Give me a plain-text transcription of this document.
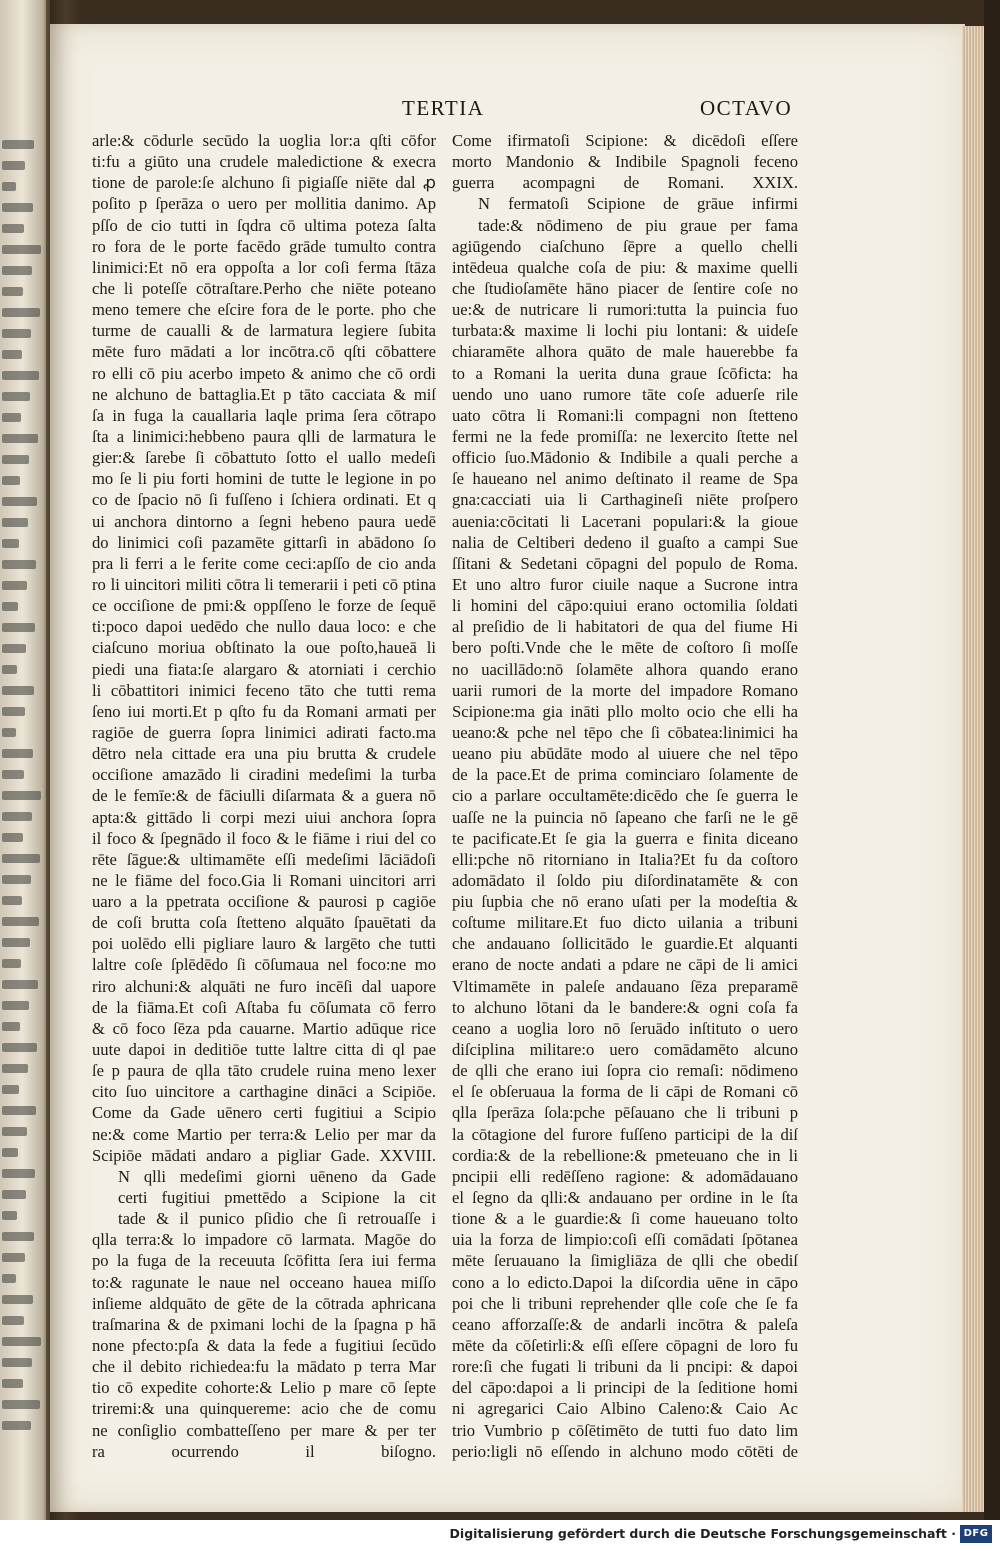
TERTIA	OCTAVO
arle:& cōdurle secūdo la uoglia lor:a qſti cōfor
ti:fu a giūto una crudele maledictione & execra
tione de parole:ſe alchuno ſi pigiaſſe niēte dal ꝓ
poſito p ſperāza o uero per mollitia danimo. Ap
pſſo de cio tutti in ſqdra cō ultima poteza ſalta
ro fora de le porte facēdo grāde tumulto contra
linimici:Et nō era oppoſta a lor coſi ferma ſtāza
che li poteſſe cōtraſtare.Perho che niēte poteano
meno temere che eſcire fora de le porte. pho che
turme de caualli & de larmatura legiere ſubita
mēte furo mādati a lor incōtra.cō qſti cōbattere
ro elli cō piu acerbo impeto & animo che cō ordi
ne alchuno de battaglia.Et p tāto cacciata & miſ
ſa in fuga la cauallaria laqle prima ſera cōtrapo
ſta a linimici:hebbeno paura qlli de larmatura le
gier:& ſarebe ſi cōbattuto ſotto el uallo medeſi
mo ſe li piu forti homini de tutte le legione in po
co de ſpacio nō ſi fuſſeno i ſchiera ordinati. Et q
ui anchora dintorno a ſegni hebeno paura uedē
do linimici coſi pazamēte gittarſi in abādono ſo
pra li ferri a le ferite come ceci:apſſo de cio anda
ro li uincitori militi cōtra li temerarii i peti cō ptina
ce occiſione de pmi:& oppſſeno le forze de ſequē
ti:poco dapoi uedēdo che nullo daua loco: e che
ciaſcuno moriua obſtinato la oue poſto,haueā li
piedi una fiata:ſe alargaro & atorniati i cerchio
li cōbattitori inimici feceno tāto che tutti rema
ſeno iui morti.Et p qſto fu da Romani armati per
ragiōe de guerra ſopra linimici adirati facto.ma
dētro nela cittade era una piu brutta & crudele
occiſione amazādo li ciradini medeſimi la turba
de le femīe:& de fāciulli diſarmata & a guera nō
apta:& gittādo li corpi mezi uiui anchora ſopra
il foco & ſpegnādo il foco & le fiāme i riui del co
rēte ſāgue:& ultimamēte eſſi medeſimi lāciādoſi
ne le fiāme del foco.Gia li Romani uincitori arri
uaro a la ppetrata occiſione & paurosi p cagiōe
de coſi brutta coſa ſtetteno alquāto ſpauētati da
poi uolēdo elli pigliare lauro & largēto che tutti
laltre coſe ſplēdēdo ſi cōſumaua nel foco:ne mo
riro alchuni:& alquāti ne furo incēſi dal uapore
de la fiāma.Et coſi Aſtaba fu cōſumata cō ferro
& cō foco ſēza pda cauarne. Martio adūque rice
uute dapoi in deditiōe tutte laltre citta di ql pae
ſe p paura de qlla tāto crudele ruina meno lexer
cito ſuo uincitore a carthagine dināci a Scipiōe.
Come da Gade uēnero certi fugitiui a Scipio
ne:& come Martio per terra:& Lelio per mar da
Scipiōe mādati andaro a pigliar Gade. XXVIII.
N qlli medeſimi giorni uēneno da Gade
certi fugitiui pmettēdo a Scipione la cit
tade & il punico pſidio che ſi retrouaſſe i
qlla terra:& lo impadore cō larmata. Magōe do
po la fuga de la receuuta ſcōfitta ſera iui ferma
to:& ragunate le naue nel occeano hauea miſſo
inſieme aldquāto de gēte de la cōtrada aphricana
traſmarina & de pximani lochi de la ſpagna p hā
none pfecto:pſa & data la fede a fugitiui ſecūdo
che il debito richiedea:fu la mādato p terra Mar
tio cō expedite cohorte:& Lelio p mare cō ſepte
triremi:& una quinquereme: acio che de comu
ne conſiglio combatteſſeno per mare & per ter
ra ocurrendo il biſogno.
Come ifirmatoſi Scipione: & dicēdoſi eſſere
morto Mandonio & Indibile Spagnoli feceno
guerra acompagni de Romani. XXIX.
N fermatoſi Scipione de grāue infirmi
tade:& nōdimeno de piu graue per fama
agiūgendo ciaſchuno ſēpre a quello chelli
intēdeua qualche coſa de piu: & maxime quelli
che ſtudioſamēte hāno piacer de ſentire coſe no
ue:& de nutricare li rumori:tutta la puincia fuo
turbata:& maxime li lochi piu lontani: & uideſe
chiaramēte alhora quāto de male hauerebbe fa
to a Romani la uerita duna graue ſcōficta: ha
uendo uno uano rumore tāte coſe aduerſe rile
uato cōtra li Romani:li compagni non ſtetteno
fermi ne la fede promiſſa: ne lexercito ſtette nel
officio ſuo.Mādonio & Indibile a quali perche a
ſe haueano nel animo deſtinato il reame de Spa
gna:cacciati uia li Carthagineſi niēte proſpero
auenia:cōcitati li Laceтani populari:& la gioue
nalia de Celtiberi dedeno il guaſto a campi Sue
ſſitani & Sedetani cōpagni del populo de Roma.
Et uno altro furor ciuile naque a Sucrone intra
li homini del cāpo:quiui erano octomilia ſoldati
al preſidio de li habitatori de qua del fiume Hi
bero poſti.Vnde che le mēte de coſtoro ſi moſſe
no uacillādo:nō ſolamēte alhora quando erano
uarii rumori de la morte del impadore Romano
Scipione:ma gia ināti pllo molto ocio che elli ha
ueano:& pche nel tēpo che ſi cōbatea:linimici ha
ueano piu abūdāte modo al uiuere che nel tēpo
de la pace.Et de prima cominciaro ſolamente de
cio a parlare occultamēte:dicēdo che ſe guerra le
uaſſe ne la puincia nō ſapeano che farſi ne le gē
te pacificate.Et ſe gia la guerra e finita diceano
elli:pche nō ritorniano in Italia?Et fu da coſtoro
adomādato il ſoldo piu diſordinatamēte & con
piu ſupbia che nō erano uſati per la modeſtia &
coſtume militare.Et fuo dicto uilania a tribuni
che andauano ſollicitādo le guardie.Et alquanti
erano de nocte andati a pdare ne cāpi de li amici
Vltimamēte in paleſe andauano ſēza preparamē
to alchuno lōtani da le bandere:& ogni coſa fa
ceano a uoglia loro nō ſeruādo inſtituto o uero
diſciplina militare:o uero comādamēto alcuno
de qlli che erano iui ſopra cio remaſi: nōdimeno
el ſe obſeruaua la forma de li cāpi de Romani cō
qlla ſperāza ſola:pche pēſauano che li tribuni p
la cōtagione del furore fuſſeno participi de la diſ
cordia:& de la rebellione:& pmeteuano che in li
pncipii elli redēſſeno ragione: & adomādauano
el ſegno da qlli:& andauano per ordine in le ſta
tione & a le guardie:& ſi come haueuano tolto
uia la forza de limpio:coſi eſſi comādati ſpōtanea
mēte ſeruauano la ſimigliāza de qlli che obediſ
cono a lo edicto.Dapoi la diſcordia uēne in cāpo
poi che li tribuni reprehender qlle coſe che ſe fa
ceano afforzaſſe:& de andarli incōtra & paleſa
mēte da cōſetirli:& eſſi eſſere cōpagni de loro fu
rore:ſi che fugati li tribuni da li pncipi: & dapoi
del cāpo:dapoi a li principi de la ſeditione homi
ni agregarici Caio Albino Caleno:& Caio Ac
trio Vumbrio p cōſētimēto de tutti fuo dato lim
perio:ligli nō eſſendo in alchuno modo cōtēti de
Digitalisierung gefördert durch die Deutsche Forschungsgemeinschaft · DFG
